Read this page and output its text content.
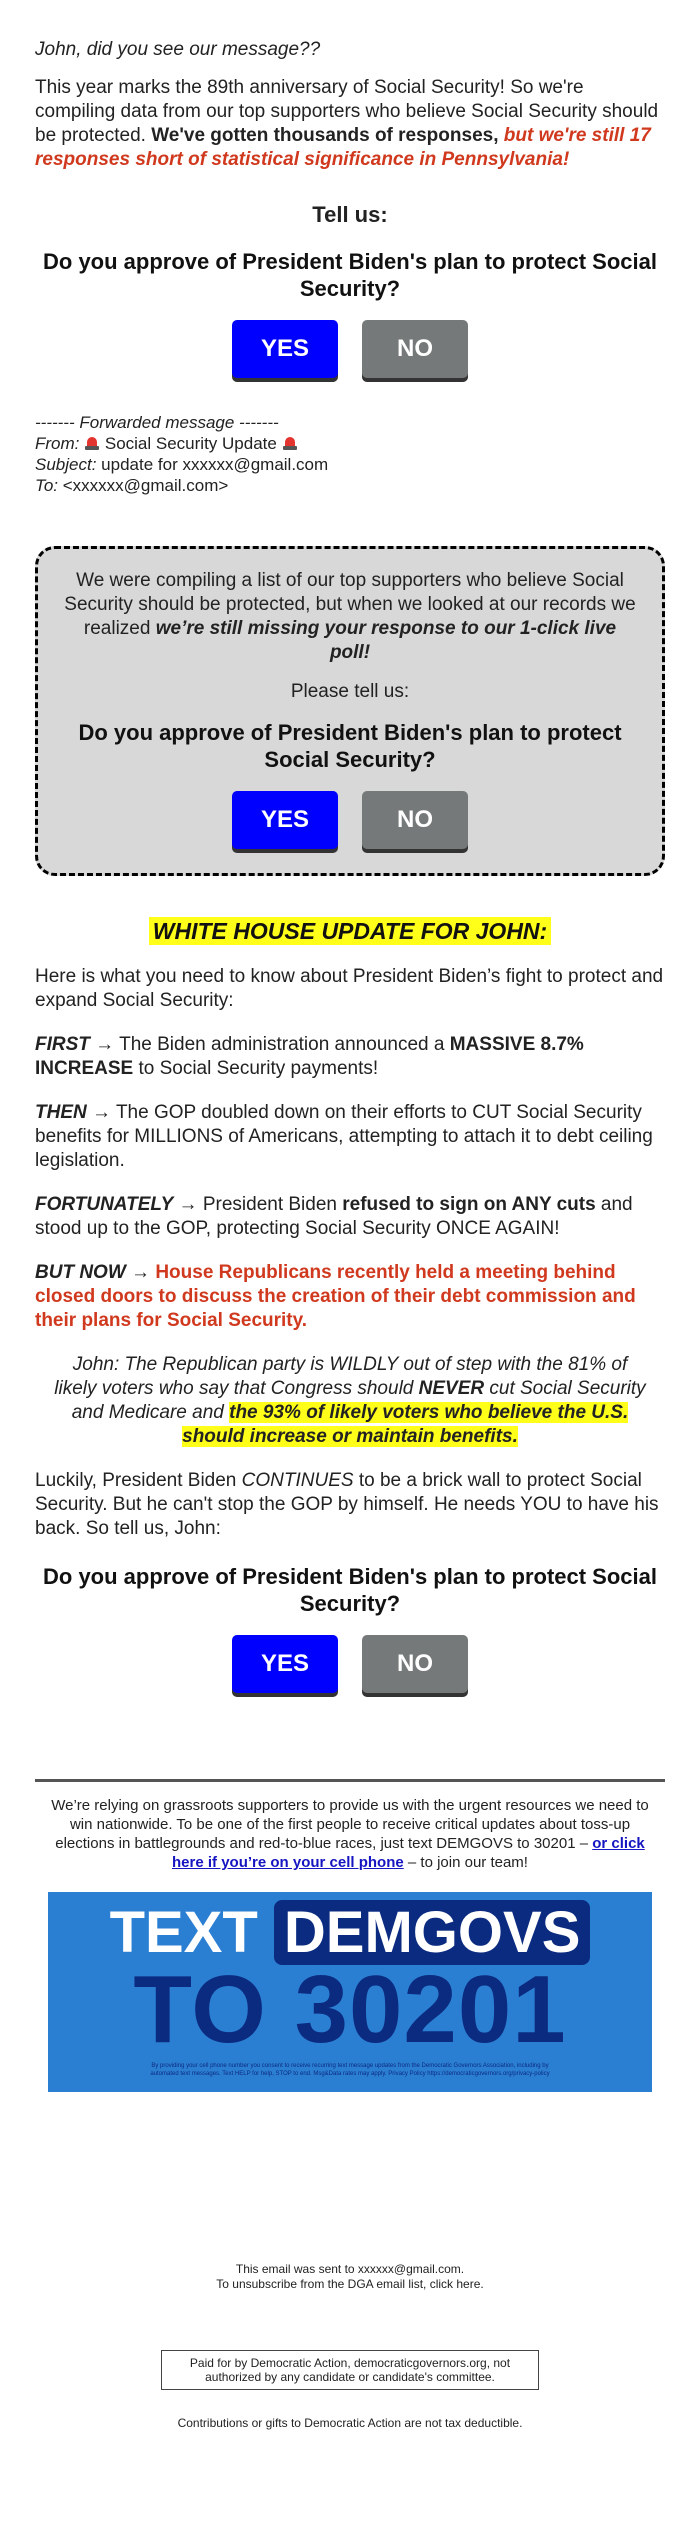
John, did you see our message??

This year marks the 89th anniversary of Social Security! So we're compiling data from our top supporters who believe Social Security should be protected. We've gotten thousands of responses, but we're still 17 responses short of statistical significance in Pennsylvania!

Tell us:

Do you approve of President Biden's plan to protect Social Security?

YES	NO
------- Forwarded message -------
From: Social Security Update
Subject: update for xxxxxx@gmail.com
To: <xxxxxx@gmail.com>

We were compiling a list of our top supporters who believe Social Security should be protected, but when we looked at our records we realized we’re still missing your response to our 1-click live poll!

Please tell us:

Do you approve of President Biden's plan to protect Social Security?

YES	NO
WHITE HOUSE UPDATE FOR JOHN:

Here is what you need to know about President Biden’s fight to protect and expand Social Security:

FIRST → The Biden administration announced a MASSIVE 8.7% INCREASE to Social Security payments!

THEN → The GOP doubled down on their efforts to CUT Social Security benefits for MILLIONS of Americans, attempting to attach it to debt ceiling legislation.

FORTUNATELY → President Biden refused to sign on ANY cuts and stood up to the GOP, protecting Social Security ONCE AGAIN!

BUT NOW → House Republicans recently held a meeting behind closed doors to discuss the creation of their debt commission and their plans for Social Security.

John: The Republican party is WILDLY out of step with the 81% of likely voters who say that Congress should NEVER cut Social Security and Medicare and the 93% of likely voters who believe the U.S. should increase or maintain benefits.

Luckily, President Biden CONTINUES to be a brick wall to protect Social Security. But he can't stop the GOP by himself. He needs YOU to have his back. So tell us, John:

Do you approve of President Biden's plan to protect Social Security?

YES	NO

We’re relying on grassroots supporters to provide us with the urgent resources we need to win nationwide. To be one of the first people to receive critical updates about toss-up elections in battlegrounds and red-to-blue races, just text DEMGOVS to 30201 – or click here if you’re on your cell phone – to join our team!

TEXT DEMGOVS
TO 30201
By providing your cell phone number you consent to receive recurring text message updates from the Democratic Governors Association, including by automated text messages. Text HELP for help, STOP to end. Msg&Data rates may apply. Privacy Policy https://democraticgovernors.org/privacy-policy
This email was sent to xxxxxx@gmail.com.
To unsubscribe from the DGA email list, click here.
Paid for by Democratic Action, democraticgovernors.org, not authorized by any candidate or candidate's committee.

Contributions or gifts to Democratic Action are not tax deductible.
